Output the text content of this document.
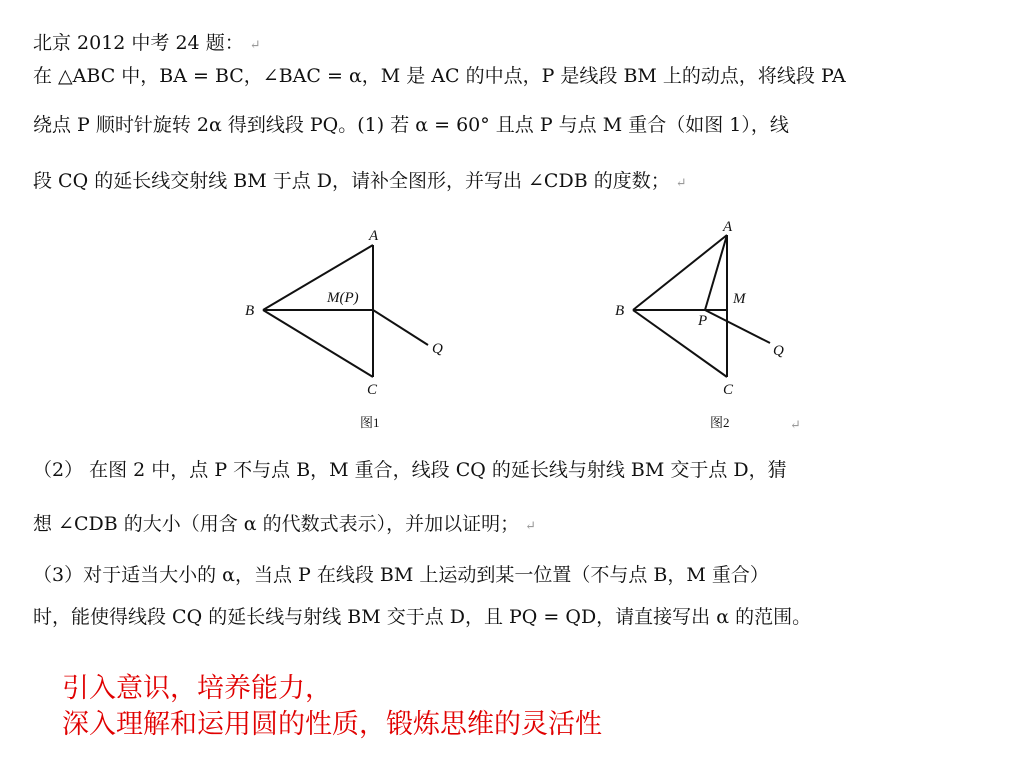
北京 2012 中考 24 题： ↵
在 △ABC 中，BA = BC，∠BAC = α，M 是 AC 的中点，P 是线段 BM 上的动点，将线段 PA
绕点 P 顺时针旋转 2α 得到线段 PQ。(1) 若 α = 60° 且点 P 与点 M 重合（如图 1），线
段 CQ 的延长线交射线 BM 于点 D，请补全图形，并写出 ∠CDB 的度数； ↵
A
B
C
M(P)
Q
图1
A
B
C
M
P
Q
图2	↵
（2） 在图 2 中，点 P 不与点 B，M 重合，线段 CQ 的延长线与射线 BM 交于点 D，猜
想 ∠CDB 的大小（用含 α 的代数式表示），并加以证明； ↵
（3）对于适当大小的 α，当点 P 在线段 BM 上运动到某一位置（不与点 B，M 重合）
时，能使得线段 CQ 的延长线与射线 BM 交于点 D，且 PQ = QD，请直接写出 α 的范围。
引入意识，培养能力，
深入理解和运用圆的性质，锻炼思维的灵活性
